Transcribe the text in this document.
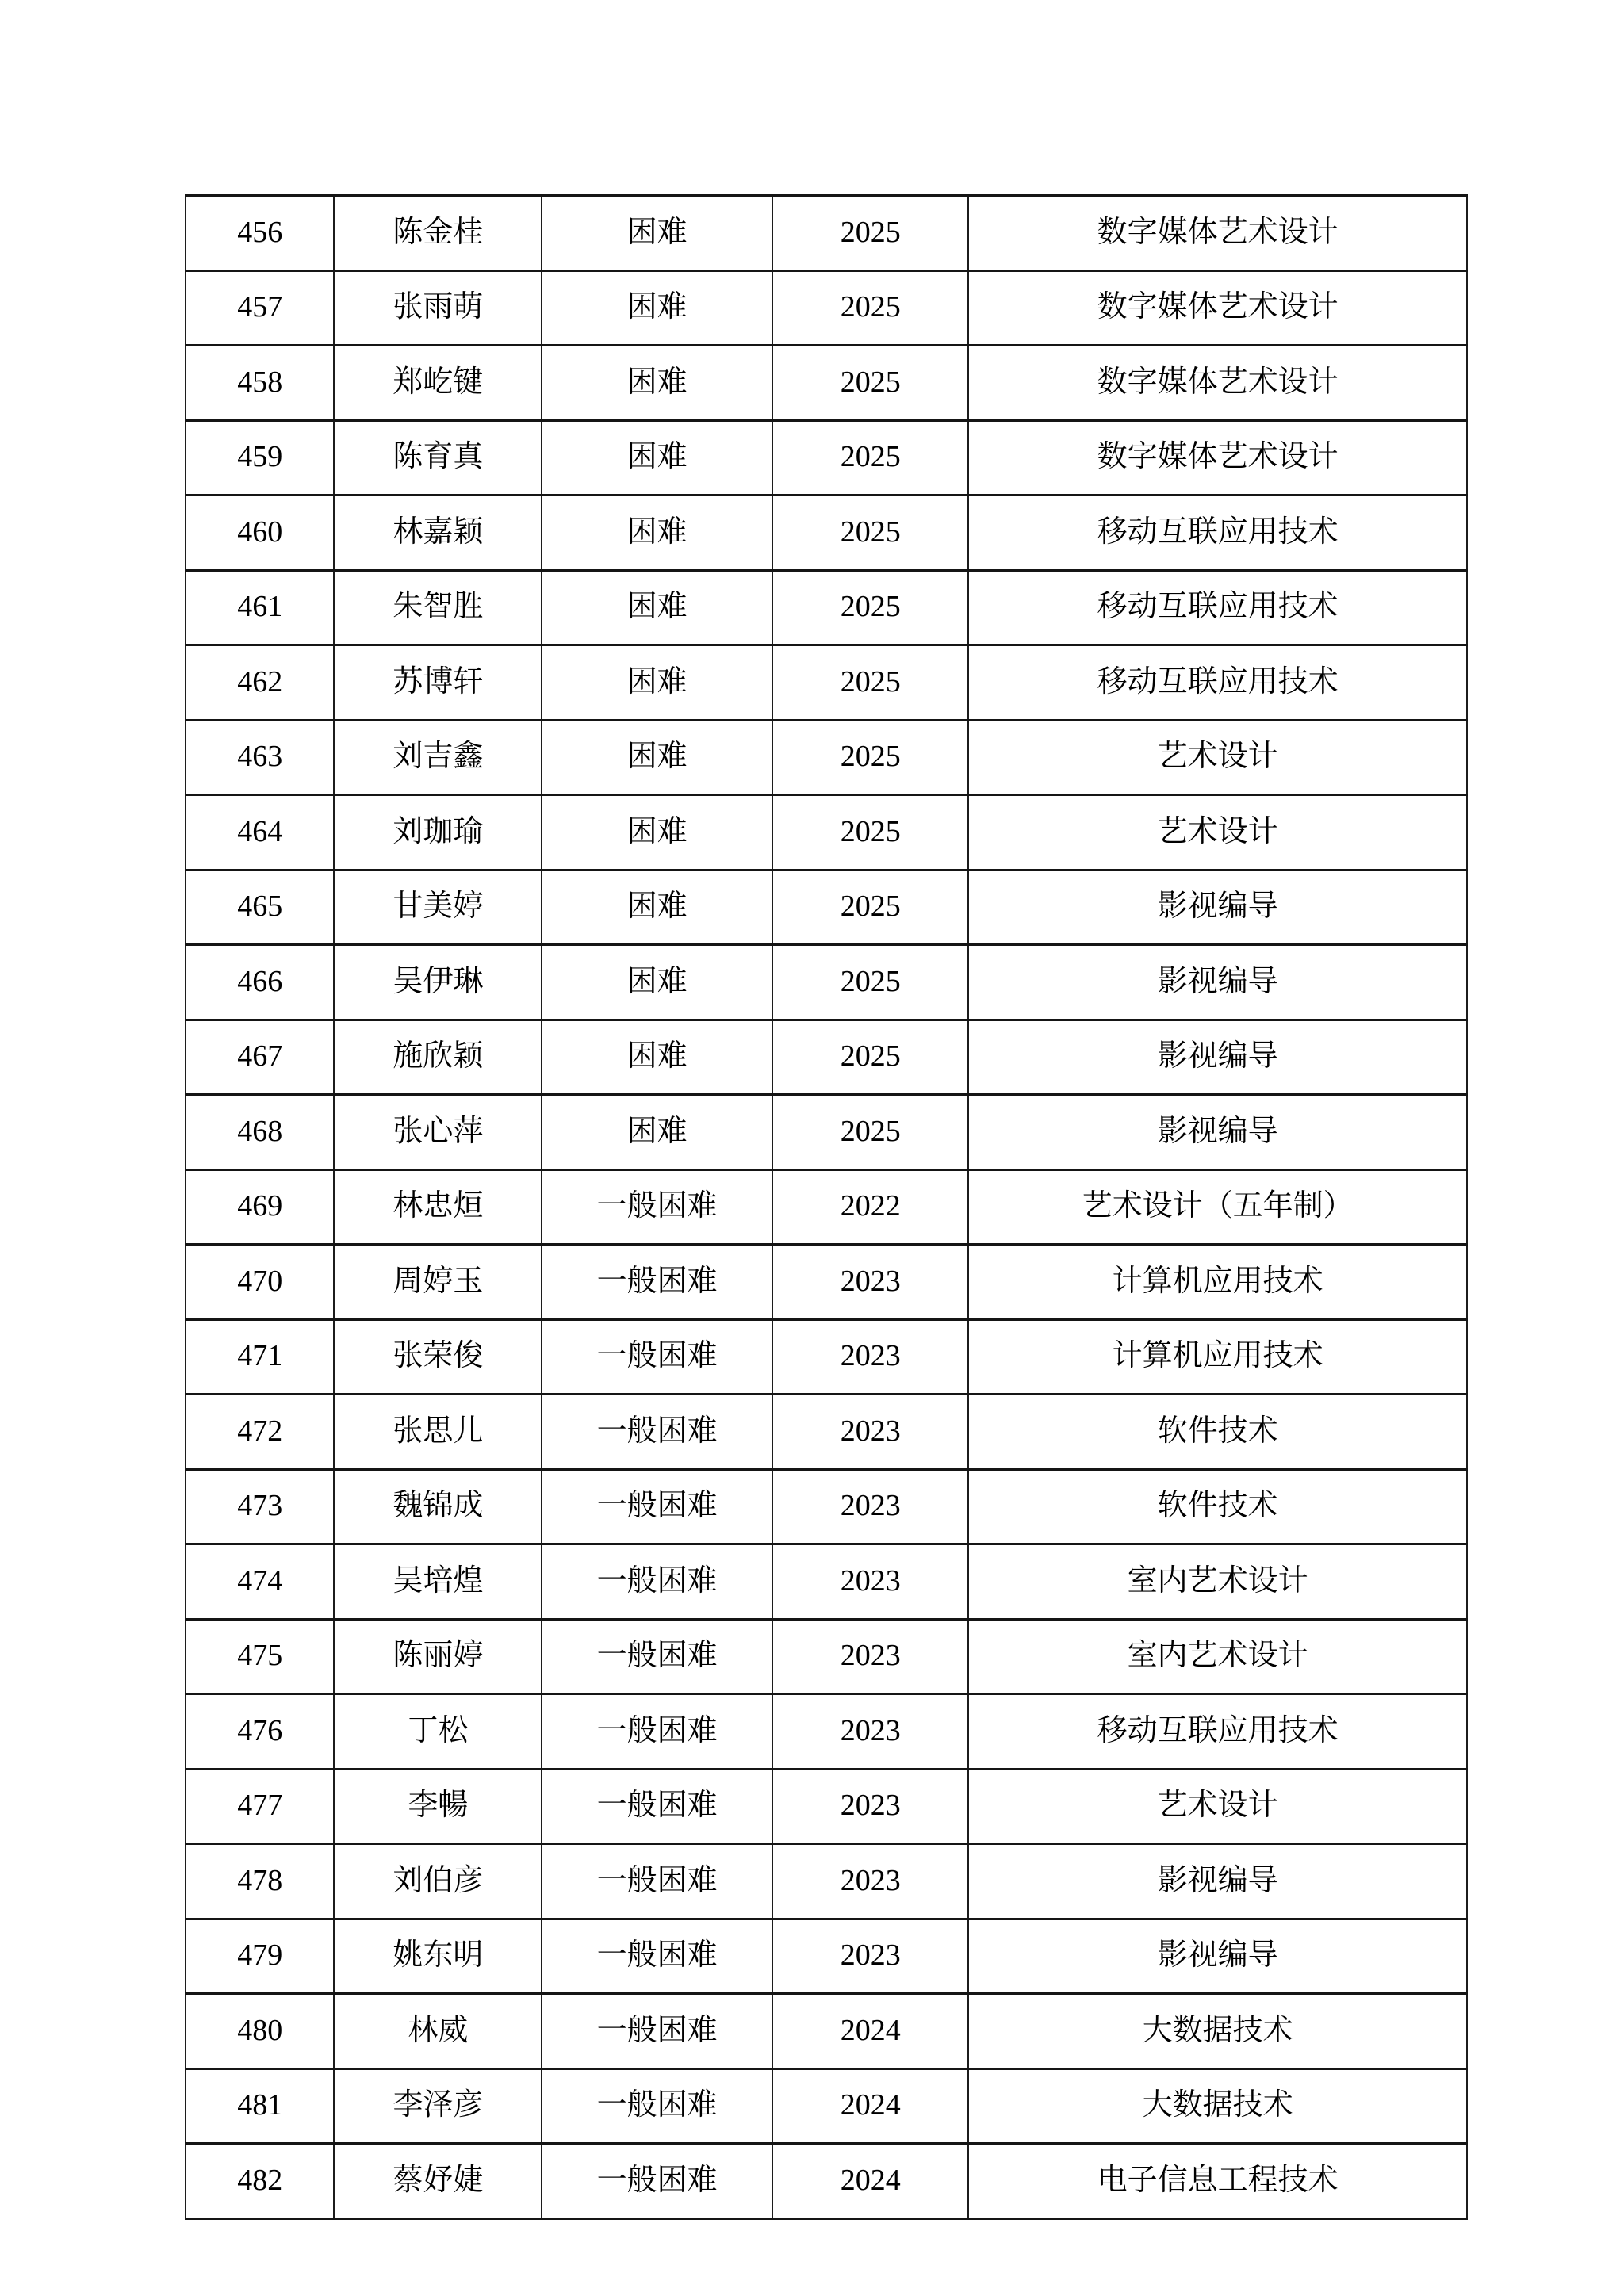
456	陈金桂	困难	2025	数字媒体艺术设计
457	张雨萌	困难	2025	数字媒体艺术设计
458	郑屹键	困难	2025	数字媒体艺术设计
459	陈育真	困难	2025	数字媒体艺术设计
460	林嘉颖	困难	2025	移动互联应用技术
461	朱智胜	困难	2025	移动互联应用技术
462	苏博轩	困难	2025	移动互联应用技术
463	刘吉鑫	困难	2025	艺术设计
464	刘珈瑜	困难	2025	艺术设计
465	甘美婷	困难	2025	影视编导
466	吴伊琳	困难	2025	影视编导
467	施欣颖	困难	2025	影视编导
468	张心萍	困难	2025	影视编导
469	林忠烜	一般困难	2022	艺术设计（五年制）
470	周婷玉	一般困难	2023	计算机应用技术
471	张荣俊	一般困难	2023	计算机应用技术
472	张思儿	一般困难	2023	软件技术
473	魏锦成	一般困难	2023	软件技术
474	吴培煌	一般困难	2023	室内艺术设计
475	陈丽婷	一般困难	2023	室内艺术设计
476	丁松	一般困难	2023	移动互联应用技术
477	李暢	一般困难	2023	艺术设计
478	刘伯彦	一般困难	2023	影视编导
479	姚东明	一般困难	2023	影视编导
480	林威	一般困难	2024	大数据技术
481	李泽彦	一般困难	2024	大数据技术
482	蔡妤婕	一般困难	2024	电子信息工程技术
